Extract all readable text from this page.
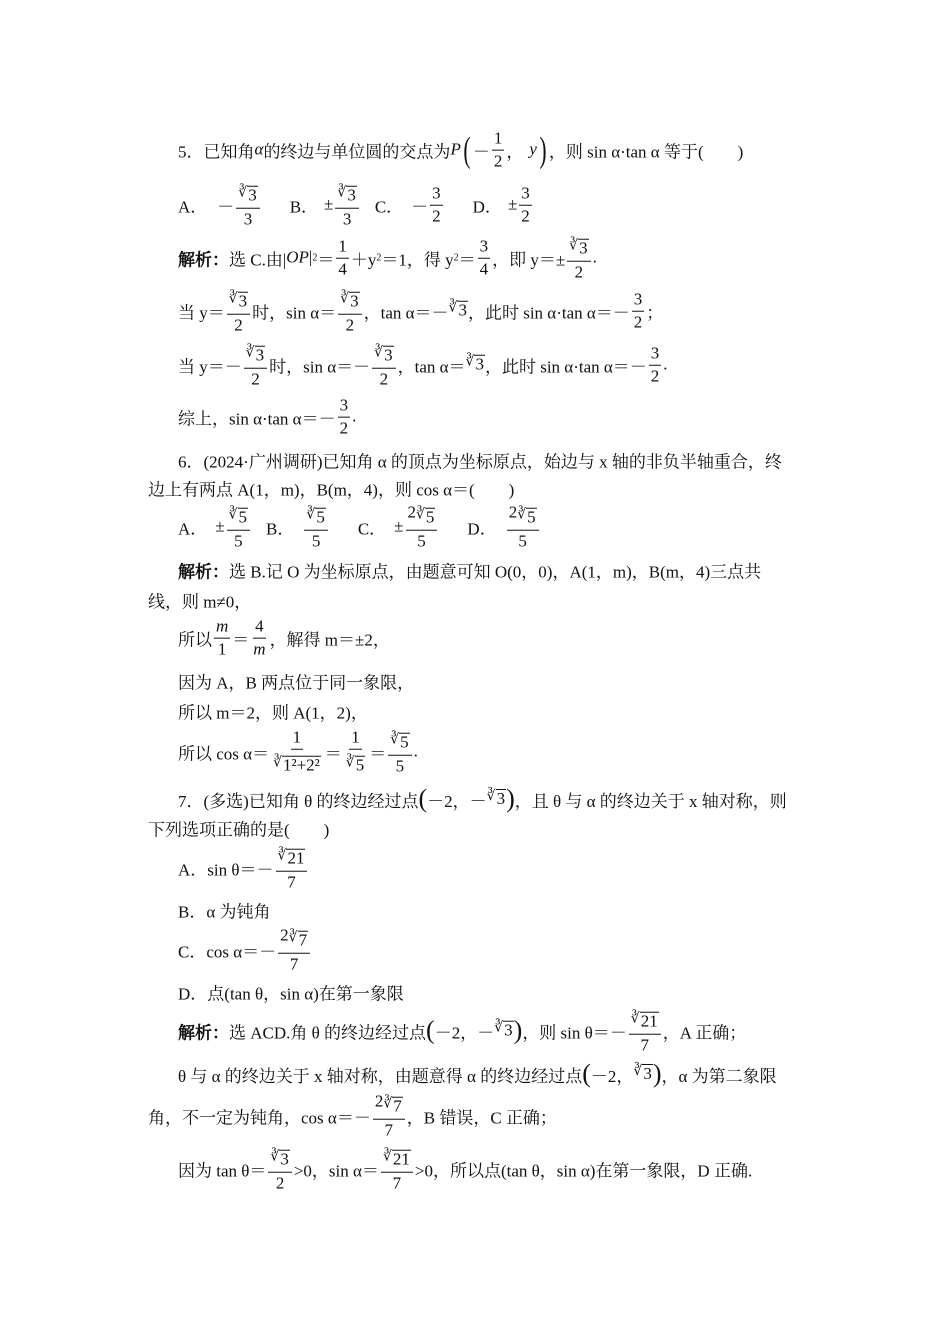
5．已知角 α 的终边与单位圆的交点为 P ( － $\frac{1}{2}$ ， y ) ，则 sin α·tan α 等于(　　)
A． － $\frac{∛ 3}{3}$ B． ± $\frac{∛ 3}{3}$ C． － $\frac{3}{2}$ D． ± $\frac{3}{2}$
解析： 选 C.由| OP | $2 = \frac{1}{4} +y$ 2 ＝1，得 y $2 = \frac{3}{4}$ ，即 $y=\pm \frac{∛ 3}{2}$ .
当 $y= \frac{∛ 3}{2}$ 时，$\sin \alpha= \frac{∛ 3}{2}$ ，tan α＝－ ∛ 3 ，此时 sin α·tan $\alpha=- \frac{3}{2}$ ；
当 $y=- \frac{∛ 3}{2}$ 时，$\sin \alpha=- \frac{∛ 3}{2}$ ，tan α＝ ∛ 3 ，此时 sin α·tan $\alpha=- \frac{3}{2}$ .
综上，sin α·tan $\alpha=- \frac{3}{2}$ .
6．(2024·广州调研)已知角 α 的顶点为坐标原点，始边与 x 轴的非负半轴重合，终
边上有两点 A(1，m)，B(m，4)，则 cos α＝(　　)
A． ± $\frac{∛ 5}{5}$ B． $\frac{∛ 5}{5}$ C． ± $\frac{2 ∛ 5}{5}$ D． $\frac{2 ∛ 5}{5}$
解析： 选 B.记 O 为坐标原点，由题意可知 O(0，0)，A(1，m)，B(m，4)三点共
线，则 m≠0，
所以 $\frac{m}{1} = \frac{4}{m}$ ，解得 m＝±2，
因为 A，B 两点位于同一象限，
所以 m＝2，则 A(1，2)，
所以 $\cos \alpha= \frac{1}{\text{∛ 1²+2²}} = \frac{1}{∛ 5} = \frac{∛ 5}{5}$ .
7．(多选)已知角 θ 的终边经过点 ( －2，－ ∛ 3 ) ，且 θ 与 α 的终边关于 x 轴对称，则
下列选项正确的是(　　)
A．$\sin \theta=- \frac{∛ 21}{7}$
B．α 为钝角
C．$\cos \alpha=- \frac{2 ∛ 7}{7}$
D．点(tan θ，sin α)在第一象限
解析： 选 ACD.角 θ 的终边经过点 ( －2，－ ∛ 3 ) ，则 $\sin \theta=- \frac{∛ 21}{7}$ ，A 正确；
θ 与 α 的终边关于 x 轴对称，由题意得 α 的终边经过点 ( －2， ∛ 3 ) ，α 为第二象限
角，不一定为钝角，$\cos \alpha=- \frac{2 ∛ 7}{7}$ ，B 错误，C 正确；
因为 $\tan \theta= \frac{∛ 3}{2} >0$，$\sin \alpha= \frac{∛ 21}{7} >0$，所以点(tan θ，sin α)在第一象限，D 正确.
